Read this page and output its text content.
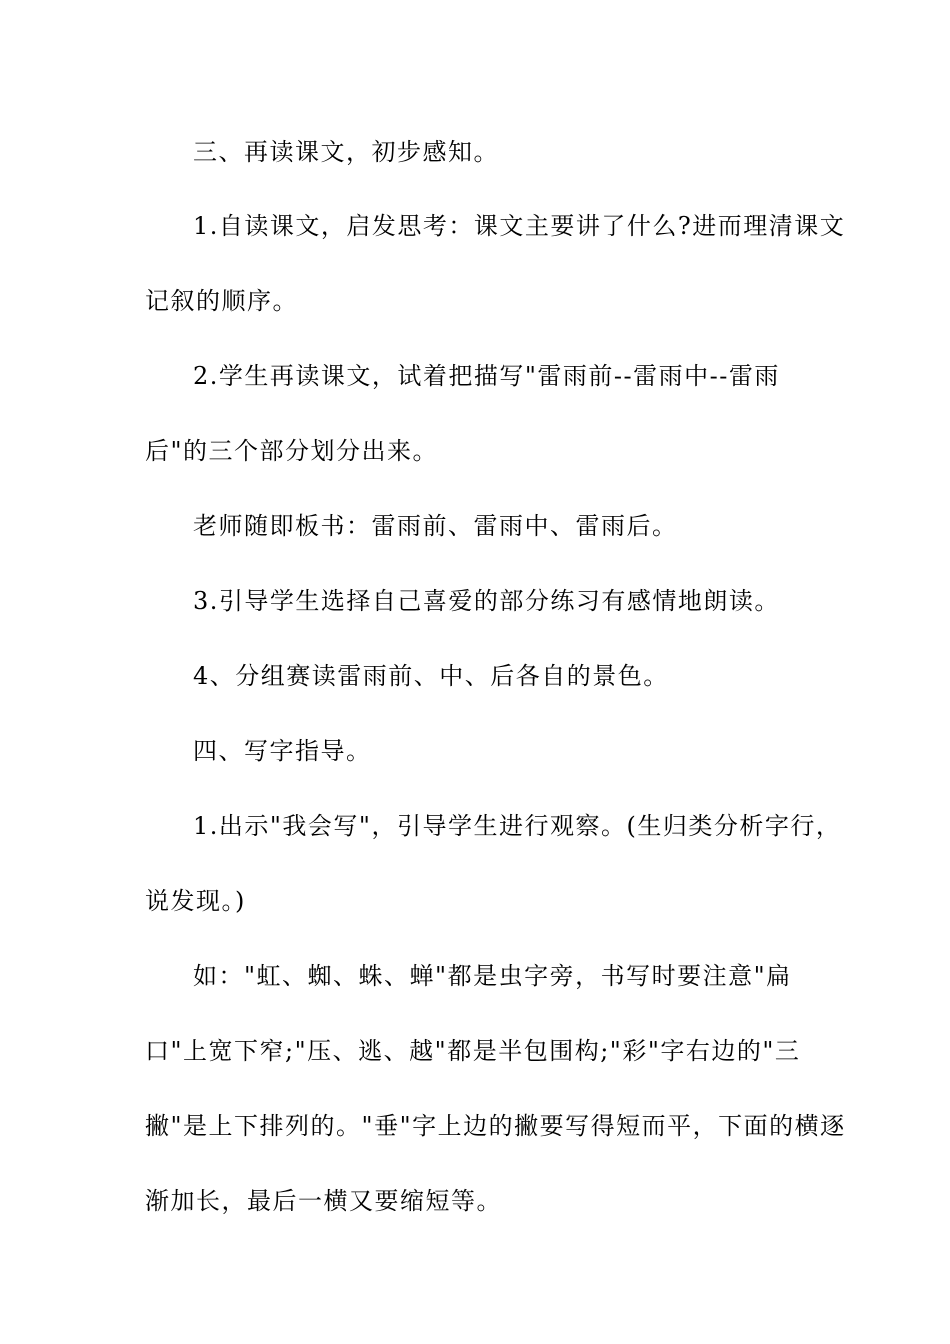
三、再读课文，初步感知。
1.自读课文，启发思考：课文主要讲了什么?进而理清课文
记叙的顺序。
2.学生再读课文，试着把描写"雷雨前--雷雨中--雷雨
后"的三个部分划分出来。
老师随即板书：雷雨前、雷雨中、雷雨后。
3.引导学生选择自己喜爱的部分练习有感情地朗读。
4、分组赛读雷雨前、中、后各自的景色。
四、写字指导。
1.出示"我会写"，引导学生进行观察。(生归类分析字行，
说发现。)
如："虹、蜘、蛛、蝉"都是虫字旁，书写时要注意"扁
口"上宽下窄;"压、逃、越"都是半包围构;"彩"字右边的"三
撇"是上下排列的。"垂"字上边的撇要写得短而平，下面的横逐
渐加长，最后一横又要缩短等。
